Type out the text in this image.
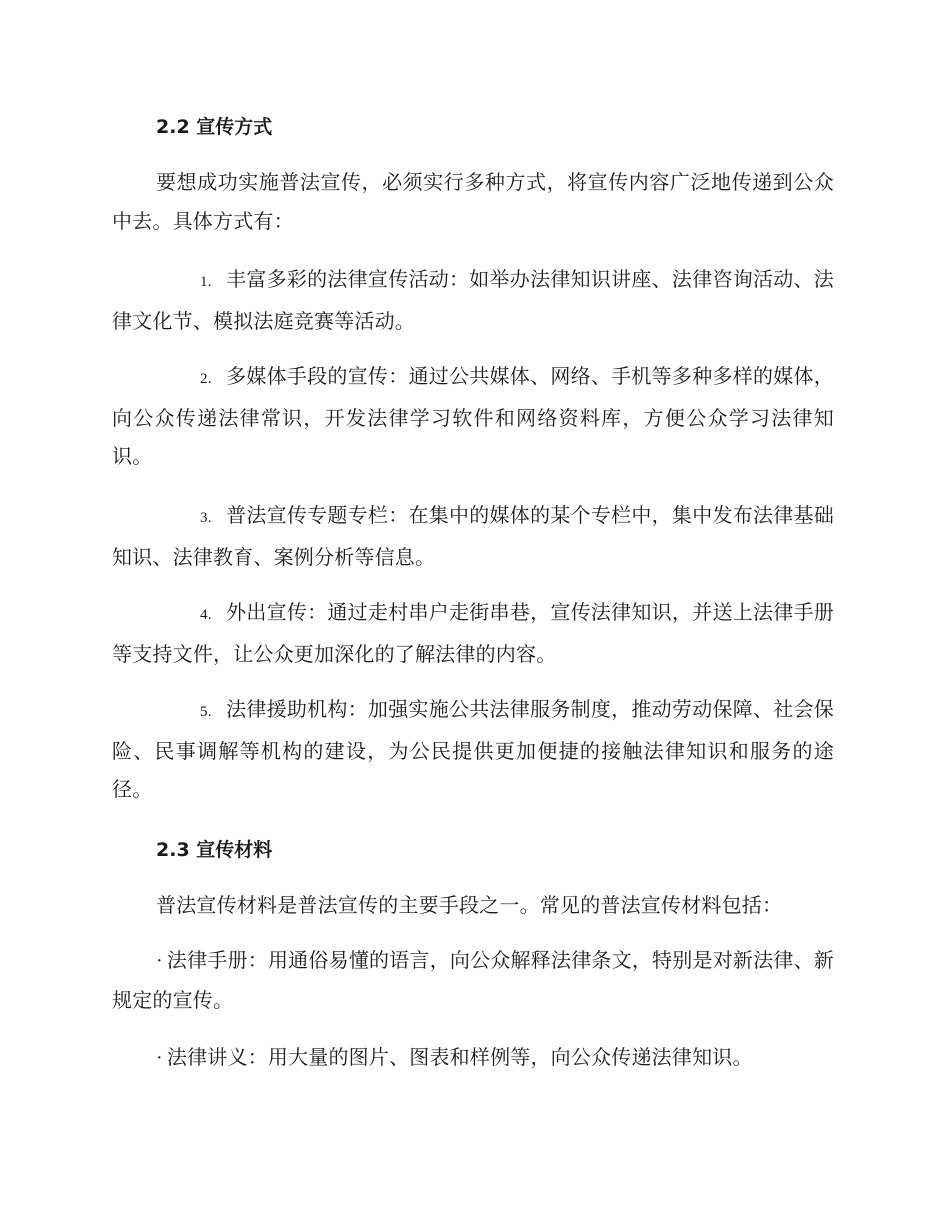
2.2 宣传方式

要想成功实施普法宣传，必须实行多种方式，将宣传内容广泛地传递到公众中去。具体方式有：

1. 丰富多彩的法律宣传活动：如举办法律知识讲座、法律咨询活动、法律文化节、模拟法庭竞赛等活动。

2. 多媒体手段的宣传：通过公共媒体、网络、手机等多种多样的媒体，向公众传递法律常识，开发法律学习软件和网络资料库，方便公众学习法律知识。

3. 普法宣传专题专栏：在集中的媒体的某个专栏中，集中发布法律基础知识、法律教育、案例分析等信息。

4. 外出宣传：通过走村串户走街串巷，宣传法律知识，并送上法律手册等支持文件，让公众更加深化的了解法律的内容。

5. 法律援助机构：加强实施公共法律服务制度，推动劳动保障、社会保险、民事调解等机构的建设，为公民提供更加便捷的接触法律知识和服务的途径。

2.3 宣传材料

普法宣传材料是普法宣传的主要手段之一。常见的普法宣传材料包括：

· 法律手册：用通俗易懂的语言，向公众解释法律条文，特别是对新法律、新规定的宣传。

· 法律讲义：用大量的图片、图表和样例等，向公众传递法律知识。
